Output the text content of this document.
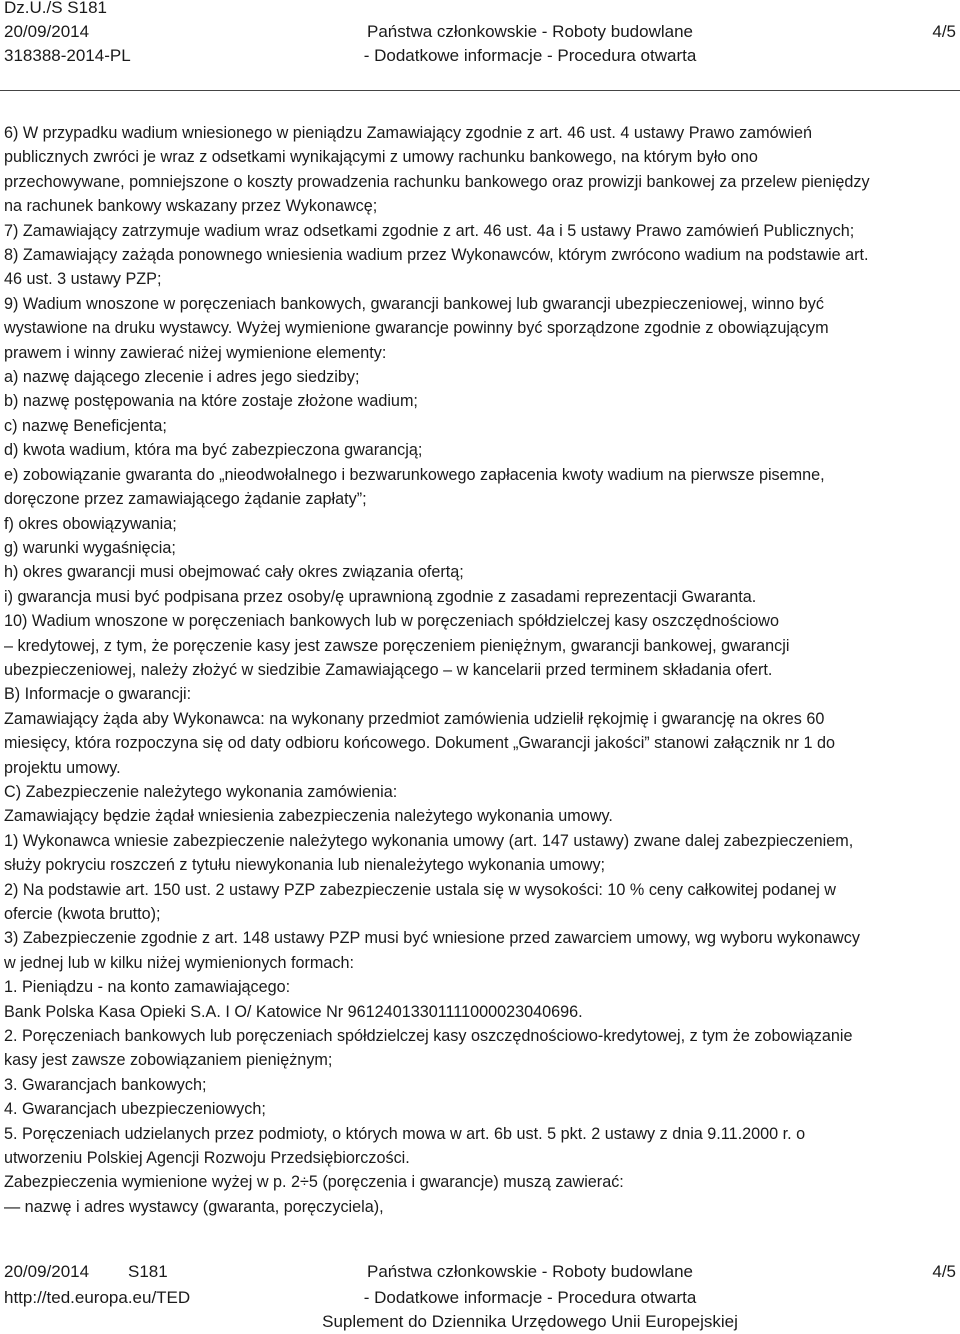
Dz.U./S S181
20/09/2014
318388-2014-PL
Państwa członkowskie - Roboty budowlane
- Dodatkowe informacje - Procedura otwarta
4/5
6) W przypadku wadium wniesionego w pieniądzu Zamawiający zgodnie z art. 46 ust. 4 ustawy Prawo zamówień
publicznych zwróci je wraz z odsetkami wynikającymi z umowy rachunku bankowego, na którym było ono
przechowywane, pomniejszone o koszty prowadzenia rachunku bankowego oraz prowizji bankowej za przelew pieniędzy
na rachunek bankowy wskazany przez Wykonawcę;
7) Zamawiający zatrzymuje wadium wraz odsetkami zgodnie z art. 46 ust. 4a i 5 ustawy Prawo zamówień Publicznych;
8) Zamawiający zażąda ponownego wniesienia wadium przez Wykonawców, którym zwrócono wadium na podstawie art.
46 ust. 3 ustawy PZP;
9) Wadium wnoszone w poręczeniach bankowych, gwarancji bankowej lub gwarancji ubezpieczeniowej, winno być
wystawione na druku wystawcy. Wyżej wymienione gwarancje powinny być sporządzone zgodnie z obowiązującym
prawem i winny zawierać niżej wymienione elementy:
a) nazwę dającego zlecenie i adres jego siedziby;
b) nazwę postępowania na które zostaje złożone wadium;
c) nazwę Beneficjenta;
d) kwota wadium, która ma być zabezpieczona gwarancją;
e) zobowiązanie gwaranta do „nieodwołalnego i bezwarunkowego zapłacenia kwoty wadium na pierwsze pisemne,
doręczone przez zamawiającego żądanie zapłaty”;
f) okres obowiązywania;
g) warunki wygaśnięcia;
h) okres gwarancji musi obejmować cały okres związania ofertą;
i) gwarancja musi być podpisana przez osoby/ę uprawnioną zgodnie z zasadami reprezentacji Gwaranta.
10) Wadium wnoszone w poręczeniach bankowych lub w poręczeniach spółdzielczej kasy oszczędnościowo
– kredytowej, z tym, że poręczenie kasy jest zawsze poręczeniem pieniężnym, gwarancji bankowej, gwarancji
ubezpieczeniowej, należy złożyć w siedzibie Zamawiającego – w kancelarii przed terminem składania ofert.
B) Informacje o gwarancji:
Zamawiający żąda aby Wykonawca: na wykonany przedmiot zamówienia udzielił rękojmię i gwarancję na okres 60
miesięcy, która rozpoczyna się od daty odbioru końcowego. Dokument „Gwarancji jakości” stanowi załącznik nr 1 do
projektu umowy.
C) Zabezpieczenie należytego wykonania zamówienia:
Zamawiający będzie żądał wniesienia zabezpieczenia należytego wykonania umowy.
1) Wykonawca wniesie zabezpieczenie należytego wykonania umowy (art. 147 ustawy) zwane dalej zabezpieczeniem,
służy pokryciu roszczeń z tytułu niewykonania lub nienależytego wykonania umowy;
2) Na podstawie art. 150 ust. 2 ustawy PZP zabezpieczenie ustala się w wysokości: 10 % ceny całkowitej podanej w
ofercie (kwota brutto);
3) Zabezpieczenie zgodnie z art. 148 ustawy PZP musi być wniesione przed zawarciem umowy, wg wyboru wykonawcy
w jednej lub w kilku niżej wymienionych formach:
1. Pieniądzu - na konto zamawiającego:
Bank Polska Kasa Opieki S.A. I O/ Katowice Nr 96124013301111000023040696.
2. Poręczeniach bankowych lub poręczeniach spółdzielczej kasy oszczędnościowo-kredytowej, z tym że zobowiązanie
kasy jest zawsze zobowiązaniem pieniężnym;
3. Gwarancjach bankowych;
4. Gwarancjach ubezpieczeniowych;
5. Poręczeniach udzielanych przez podmioty, o których mowa w art. 6b ust. 5 pkt. 2 ustawy z dnia 9.11.2000 r. o
utworzeniu Polskiej Agencji Rozwoju Przedsiębiorczości.
Zabezpieczenia wymienione wyżej w p. 2÷5 (poręczenia i gwarancje) muszą zawierać:
— nazwę i adres wystawcy (gwaranta, poręczyciela),
20/09/2014 S181
http://ted.europa.eu/TED
Państwa członkowskie - Roboty budowlane
- Dodatkowe informacje - Procedura otwarta
Suplement do Dziennika Urzędowego Unii Europejskiej
4/5
